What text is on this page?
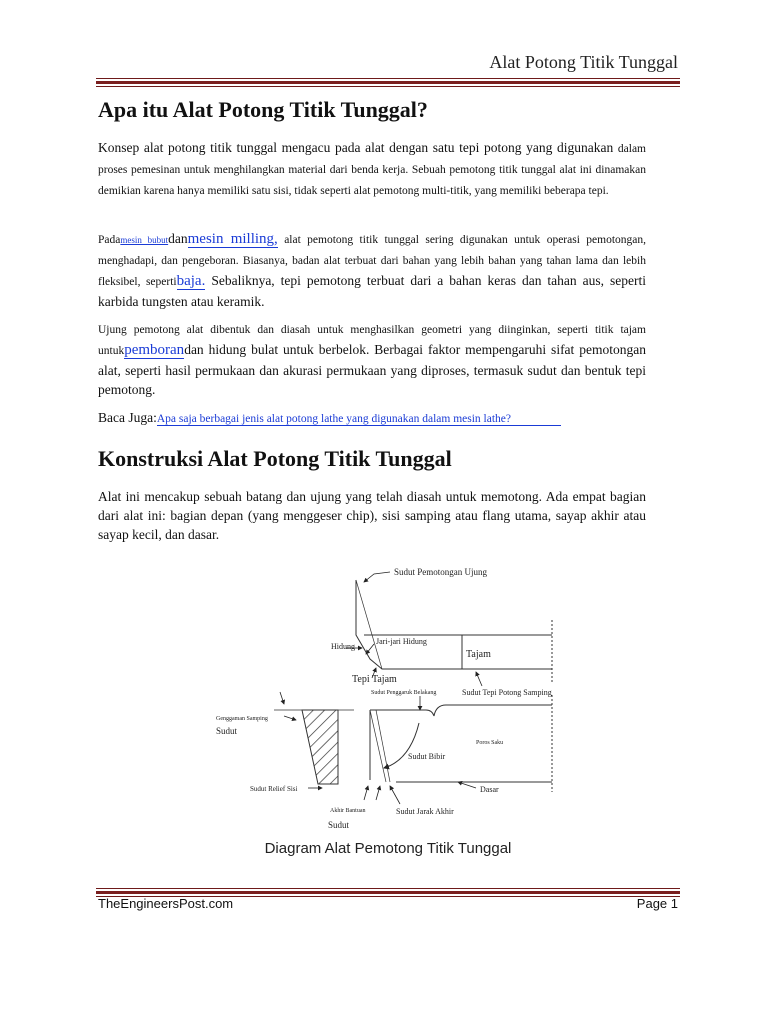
Alat Potong Titik Tunggal
Apa itu Alat Potong Titik Tunggal?

Konsep alat potong titik tunggal mengacu pada alat dengan satu tepi potong yang digunakan dalam proses pemesinan untuk menghilangkan material dari benda kerja. Sebuah pemotong titik tunggal alat ini dinamakan demikian karena hanya memiliki satu sisi, tidak seperti alat pemotong multi-titik, yang memiliki beberapa tepi.

Padamesin bubutdanmesin milling, alat pemotong titik tunggal sering digunakan untuk operasi pemotongan, menghadapi, dan pengeboran. Biasanya, badan alat terbuat dari bahan yang lebih bahan yang tahan lama dan lebih fleksibel, sepertibaja. Sebaliknya, tepi pemotong terbuat dari a bahan keras dan tahan aus, seperti karbida tungsten atau keramik.

Ujung pemotong alat dibentuk dan diasah untuk menghasilkan geometri yang diinginkan, seperti titik tajam untukpemborandan hidung bulat untuk berbelok. Berbagai faktor mempengaruhi sifat pemotongan alat, seperti hasil permukaan dan akurasi permukaan yang diproses, termasuk sudut dan bentuk tepi pemotong.

Baca Juga:Apa saja berbagai jenis alat potong lathe yang digunakan dalam mesin lathe?

Konstruksi Alat Potong Titik Tunggal

Alat ini mencakup sebuah batang dan ujung yang telah diasah untuk memotong. Ada empat bagian dari alat ini: bagian depan (yang menggeser chip), sisi samping atau flang utama, sayap akhir atau sayap kecil, dan dasar.

Sudut Pemotongan Ujung
Jari-jari Hidung
Hidung
Tajam
Tepi Tajam
Sudut Penggaruk Belakang	Sudut Tepi Potong Samping
Genggaman Samping
Sudut
Poros Saku
Sudut Bibir
Sudut Relief Sisi	Dasar
Akhir Bantuan	Sudut Jarak Akhir
Sudut
Diagram Alat Pemotong Titik Tunggal
TheEngineersPost.com	Page 1
